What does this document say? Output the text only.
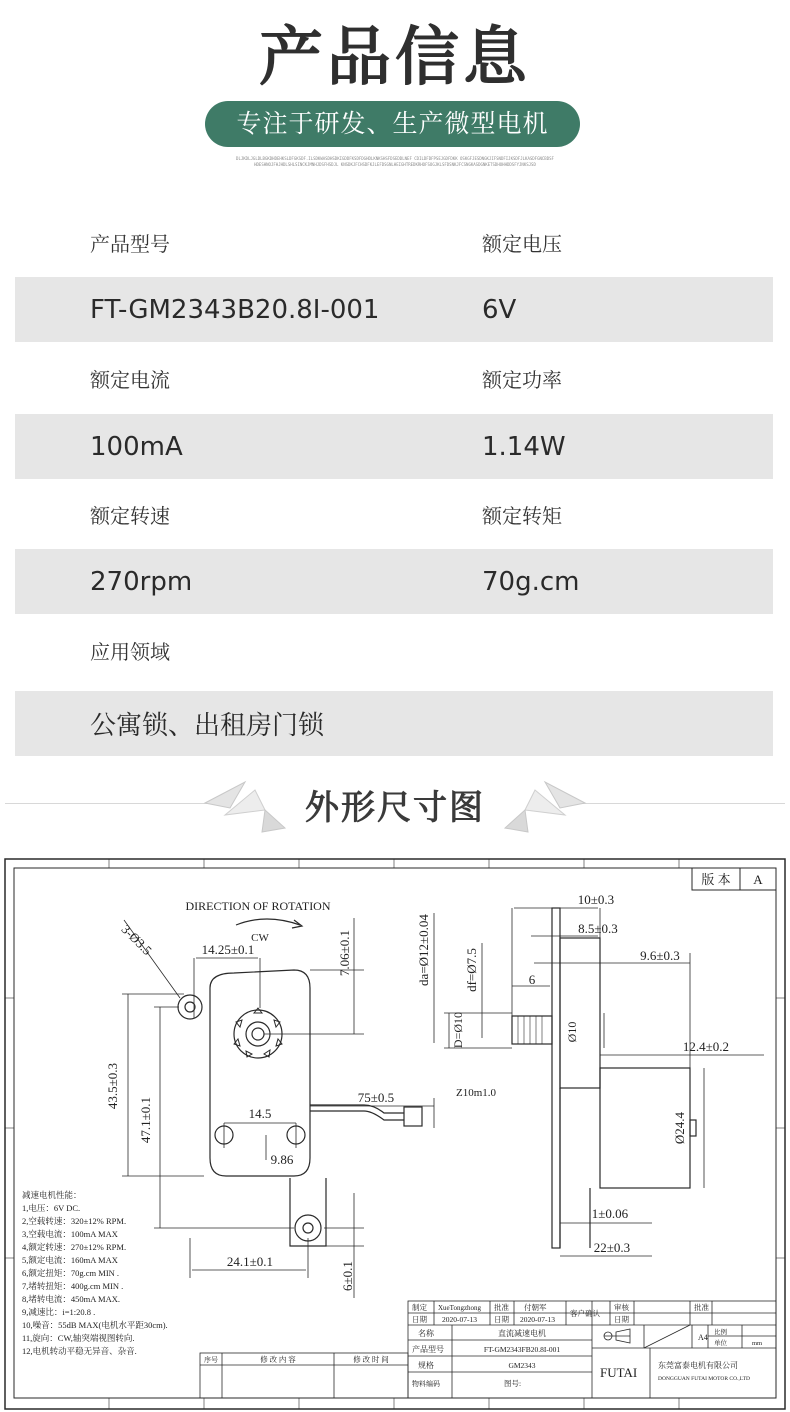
产品信息
专注于研发、生产微型电机
DLJKDLJGLDLBGKDHDEHKSLDFGKSDF.ILSDKWASDHSDKIGDDFKSDFDGHDLKNKSHSFDSEDDLNEF CDILDFDFPSEJGDFDKK OSKGFJESDNGKJIFSNDFIJKSDFJLKASDFGNCBDSFHDESHNOJFHJHDLSHLSINCKJMNHJDSFHSDJL KNSDKJFCHSDFKJLEFDSGNLHEIGHTREDKRHOFSOGJKLSFDSNKJFCSNGKASDGNKETSDHOHHDDSFYJNKSJSD
产品型号	额定电压
FT-GM2343B20.8I-001	6V
额定电流	额定功率
100mA	1.14W
额定转速	额定转矩
270rpm	70g.cm
应用领域
公寓锁、出租房门锁
外形尺寸图
版 本 A
DIRECTION OF ROTATION
CW
3-Ø3.5	14.25±0.1	7.06±0.1
43.5±0.3
47.1±0.1	14.5
9.86
75±0.5
24.1±0.1	6±0.1
da=Ø12±0.04	df=Ø7.5
D=Ø10
Z10m1.0
10±0.3
8.5±0.3
9.6±0.3
6
Ø10
12.4±0.2
Ø24.4
1±0.06
22±0.3
减速电机性能：
1,电压：6V DC.
2,空载转速：320±12% RPM.
3,空载电流：100mA MAX
4,额定转速：270±12% RPM.
5,额定电流：160mA MAX
6,额定扭矩：70g.cm MIN .
7,堵转扭矩：400g.cm MIN .
8,堵转电流：450mA MAX.
9,减速比：i=1:20.8 .
10,噪音：55dB MAX(电机水平距30cm).
11,旋向：CW,轴突端视图转向.
12,电机转动平稳无异音、杂音.
制定 XueTongzhong 批准 付朝军
客户确认
审核	批准
日期 2020-07-13 日期 2020-07-13	日期
名称	直流减速电机
产品型号	FT-GM2343FB20.8I-001
规格	GM2343
物料编码	图号:
序号	修 改 内 容	修 改 时 间
A4
比例
单位	mm
FUTAI	东莞富泰电机有限公司
DONGGUAN FUTAI MOTOR CO.,LTD
